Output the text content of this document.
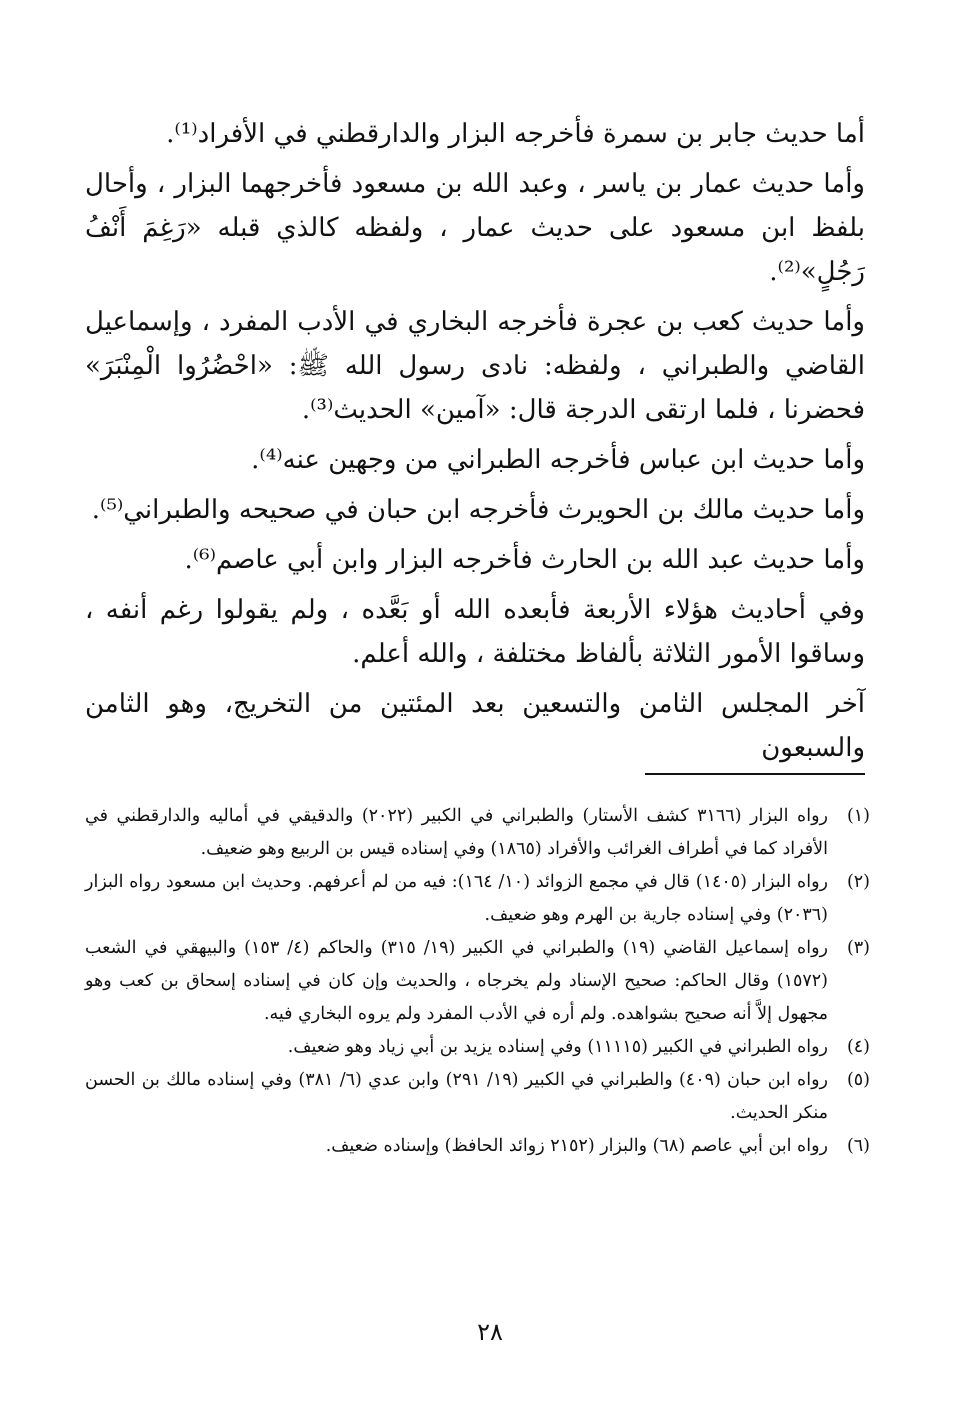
أما حديث جابر بن سمرة فأخرجه البزار والدارقطني في الأفراد⁽¹⁾.

وأما حديث عمار بن ياسر ، وعبد الله بن مسعود فأخرجهما البزار ، وأحال بلفظ ابن مسعود على حديث عمار ، ولفظه كالذي قبله «رَغِمَ أَنْفُ رَجُلٍ»⁽²⁾.

وأما حديث كعب بن عجرة فأخرجه البخاري في الأدب المفرد ، وإسماعيل القاضي والطبراني ، ولفظه: نادى رسول الله ﷺ: «احْضُرُوا الْمِنْبَرَ» فحضرنا ، فلما ارتقى الدرجة قال: «آمين» الحديث⁽³⁾.

وأما حديث ابن عباس فأخرجه الطبراني من وجهين عنه⁽⁴⁾.

وأما حديث مالك بن الحويرث فأخرجه ابن حبان في صحيحه والطبراني⁽⁵⁾.

وأما حديث عبد الله بن الحارث فأخرجه البزار وابن أبي عاصم⁽⁶⁾.

وفي أحاديث هؤلاء الأربعة فأبعده الله أو بَعَّده ، ولم يقولوا رغم أنفه ، وساقوا الأمور الثلاثة بألفاظ مختلفة ، والله أعلم.

آخر المجلس الثامن والتسعين بعد المئتين من التخريج، وهو الثامن والسبعون

(١)
رواه البزار (٣١٦٦ كشف الأستار) والطبراني في الكبير (٢٠٢٢) والدقيقي في أماليه والدارقطني في الأفراد كما في أطراف الغرائب والأفراد (١٨٦٥) وفي إسناده قيس بن الربيع وهو ضعيف.
(٢)
رواه البزار (١٤٠٥) قال في مجمع الزوائد (١٠/ ١٦٤): فيه من لم أعرفهم. وحديث ابن مسعود رواه البزار (٢٠٣٦) وفي إسناده جارية بن الهرم وهو ضعيف.
(٣)
رواه إسماعيل القاضي (١٩) والطبراني في الكبير (١٩/ ٣١٥) والحاكم (٤/ ١٥٣) والبيهقي في الشعب (١٥٧٢) وقال الحاكم: صحيح الإسناد ولم يخرجاه ، والحديث وإن كان في إسناده إسحاق بن كعب وهو مجهول إلاَّ أنه صحيح بشواهده. ولم أره في الأدب المفرد ولم يروه البخاري فيه.
(٤)
رواه الطبراني في الكبير (١١١١٥) وفي إسناده يزيد بن أبي زياد وهو ضعيف.
(٥)
رواه ابن حبان (٤٠٩) والطبراني في الكبير (١٩/ ٢٩١) وابن عدي (٦/ ٣٨١) وفي إسناده مالك بن الحسن منكر الحديث.
(٦)
رواه ابن أبي عاصم (٦٨) والبزار (٢١٥٢ زوائد الحافظ) وإسناده ضعيف.
٢٨
